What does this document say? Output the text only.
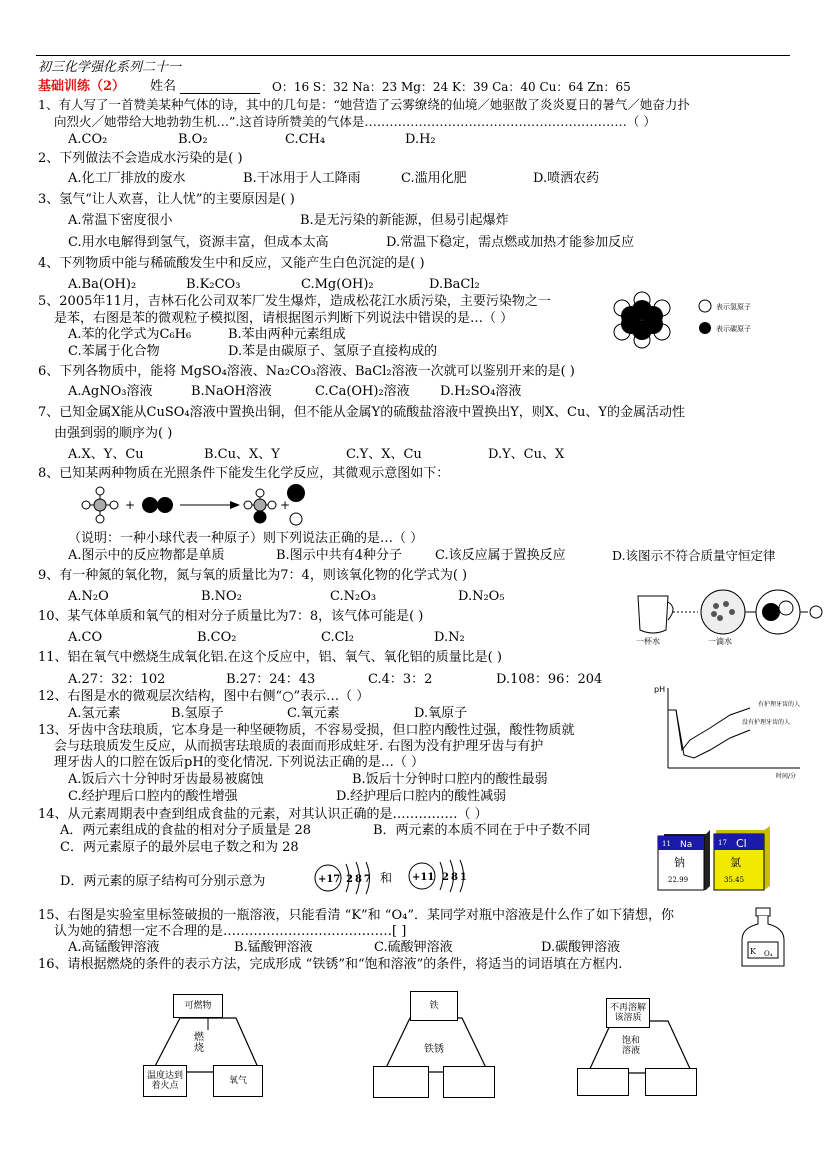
初三化学强化系列二十一
基础训练（2） 姓名	O：16 S：32 Na：23 Mg：24 K：39 Ca：40 Cu：64 Zn：65
1、有人写了一首赞美某种气体的诗，其中的几句是：“她营造了云雾缭绕的仙境／她驱散了炎炎夏日的暑气／她奋力扑
向烈火／她带给大地勃勃生机…”.这首诗所赞美的气体是………………………………………………………（ ）
A.CO₂	B.O₂	C.CH₄	D.H₂
2、下列做法不会造成水污染的是( )
A.化工厂排放的废水	B.干冰用于人工降雨	C.滥用化肥	D.喷洒农药
3、氢气“让人欢喜，让人忧”的主要原因是( )
A.常温下密度很小	B.是无污染的新能源，但易引起爆炸
C.用水电解得到氢气，资源丰富，但成本太高	D.常温下稳定，需点燃或加热才能参加反应
4、下列物质中能与稀硫酸发生中和反应，又能产生白色沉淀的是( )
A.Ba(OH)₂	B.K₂CO₃	C.Mg(OH)₂	D.BaCl₂
5、2005年11月，吉林石化公司双苯厂发生爆炸，造成松花江水质污染，主要污染物之一
是苯，右图是苯的微观粒子模拟图，请根据图示判断下列说法中错误的是…（ ）
A.苯的化学式为C₆H₆	B.苯由两种元素组成
C.苯属于化合物	D.苯是由碳原子、氢原子直接构成的
表示氢原子
表示碳原子
6、下列各物质中，能将 MgSO₄溶液、Na₂CO₃溶液、BaCl₂溶液一次就可以鉴别开来的是( )
A.AgNO₃溶液	B.NaOH溶液	C.Ca(OH)₂溶液 D.H₂SO₄溶液
7、已知金属X能从CuSO₄溶液中置换出铜，但不能从金属Y的硫酸盐溶液中置换出Y，则X、Cu、Y的金属活动性
由强到弱的顺序为( )
A.X、Y、Cu	B.Cu、X、Y	C.Y、X、Cu	D.Y、Cu、X
8、已知某两种物质在光照条件下能发生化学反应，其微观示意图如下：
+	+
（说明：一种小球代表一种原子）则下列说法正确的是…（ ）
A.图示中的反应物都是单质	B.图示中共有4种分子	C.该反应属于置换反应	D.该图示不符合质量守恒定律
9、有一种氮的氧化物，氮与氧的质量比为7：4，则该氧化物的化学式为( )
A.N₂O	B.NO₂	C.N₂O₃	D.N₂O₅
10、某气体单质和氧气的相对分子质量比为7：8，该气体可能是( )
A.CO	B.CO₂	C.Cl₂	D.N₂	一杯水	一滴水
11、铝在氧气中燃烧生成氧化铝.在这个反应中，铝、氧气、氧化铝的质量比是( )
A.27：32：102	B.27：24：43	C.4：3：2	D.108：96：204
12、右图是水的微观层次结构，图中右侧“○”表示…（ ）
A.氢元素	B.氢原子	C.氧元素	D.氧原子
13、牙齿中含珐琅质，它本身是一种坚硬物质，不容易受损，但口腔内酸性过强，酸性物质就
会与珐琅质发生反应，从而损害珐琅质的表面而形成蛀牙. 右图为没有护理牙齿与有护
理牙齿人的口腔在饭后pH的变化情况. 下列说法正确的是…（ ）
A.饭后六十分钟时牙齿最易被腐蚀	B.饭后十分钟时口腔内的酸性最弱
C.经护理后口腔内的酸性增强	D.经护理后口腔内的酸性减弱
pH
时间/分
有护理牙齿的人
没有护理牙齿的人
14、从元素周期表中查到组成食盐的元素，对其认识正确的是……………（ ）
A．两元素组成的食盐的相对分子质量是 28	B．两元素的本质不同在于中子数不同
C．两元素原子的最外层电子数之和为 28
D．两元素的原子结构可分别示意为	+17 287 和 +11 281
11 Na
钠
22.99
17 Cl
氯
35.45
15、右图是实验室里标签破损的一瓶溶液，只能看清 “K”和 “O₄”．某同学对瓶中溶液是什么作了如下猜想，你
认为她的猜想一定不合理的是…………………………………[ ]
A.高锰酸钾溶液	B.锰酸钾溶液	C.硫酸钾溶液	D.碳酸钾溶液	K O₄
16、请根据燃烧的条件的表示方法，完成形成 “铁锈”和“饱和溶液”的条件，将适当的词语填在方框内.
可燃物
燃烧
温度达到着火点	氧气
铁
铁锈
不再溶解该溶质
饱和溶液
